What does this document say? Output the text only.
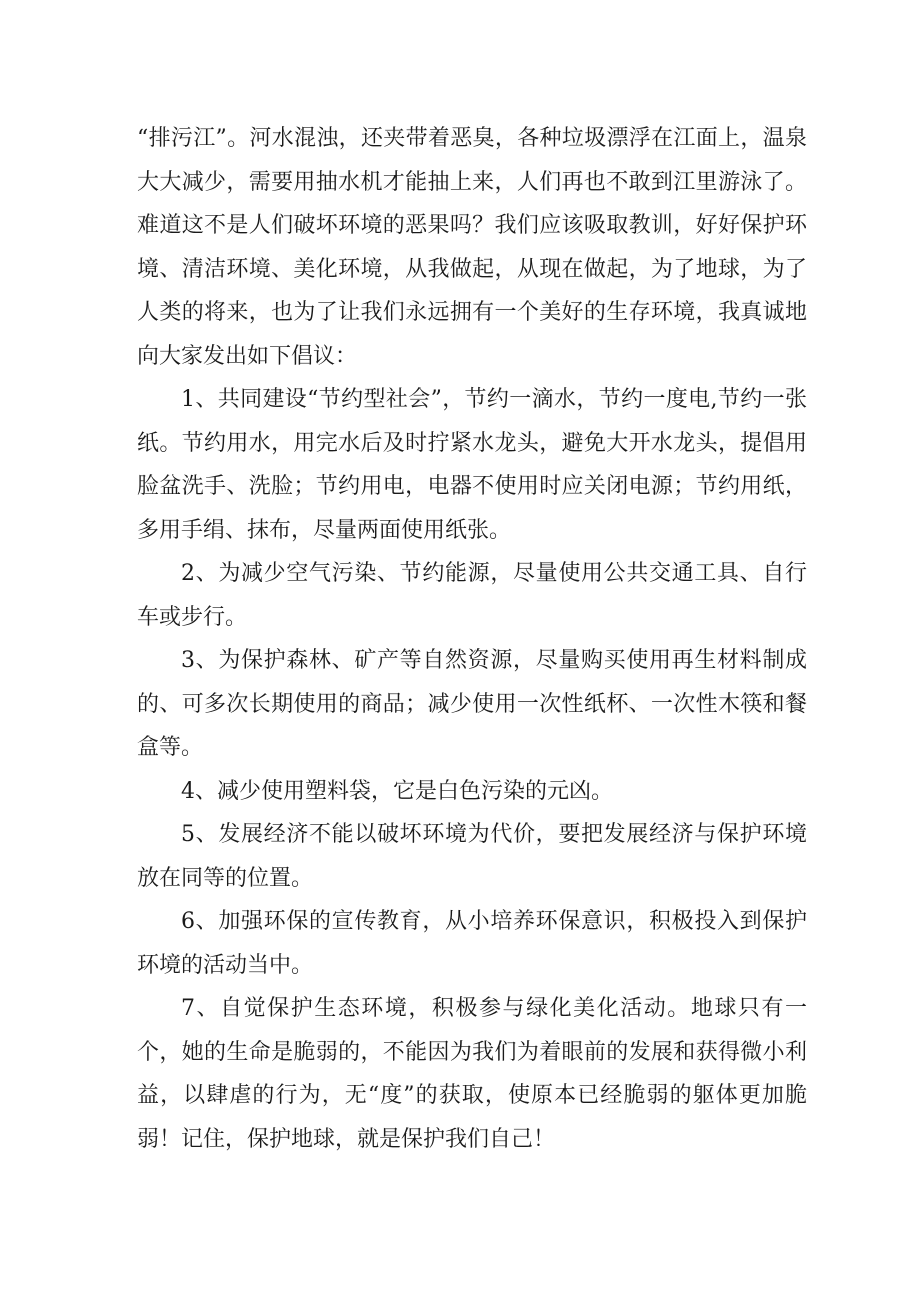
“排污江”。河水混浊，还夹带着恶臭，各种垃圾漂浮在江面上，温泉大大减少，需要用抽水机才能抽上来，人们再也不敢到江里游泳了。难道这不是人们破坏环境的恶果吗？我们应该吸取教训，好好保护环境、清洁环境、美化环境，从我做起，从现在做起，为了地球，为了人类的将来，也为了让我们永远拥有一个美好的生存环境，我真诚地向大家发出如下倡议：

1、共同建设“节约型社会”，节约一滴水，节约一度电,节约一张纸。节约用水，用完水后及时拧紧水龙头，避免大开水龙头，提倡用脸盆洗手、洗脸；节约用电，电器不使用时应关闭电源；节约用纸，多用手绢、抹布，尽量两面使用纸张。

2、为减少空气污染、节约能源，尽量使用公共交通工具、自行车或步行。

3、为保护森林、矿产等自然资源，尽量购买使用再生材料制成的、可多次长期使用的商品；减少使用一次性纸杯、一次性木筷和餐盒等。

4、减少使用塑料袋，它是白色污染的元凶。

5、发展经济不能以破坏环境为代价，要把发展经济与保护环境放在同等的位置。

6、加强环保的宣传教育，从小培养环保意识，积极投入到保护环境的活动当中。

7、自觉保护生态环境，积极参与绿化美化活动。地球只有一个，她的生命是脆弱的，不能因为我们为着眼前的发展和获得微小利益，以肆虐的行为，无“度”的获取，使原本已经脆弱的躯体更加脆弱！记住，保护地球，就是保护我们自己！
